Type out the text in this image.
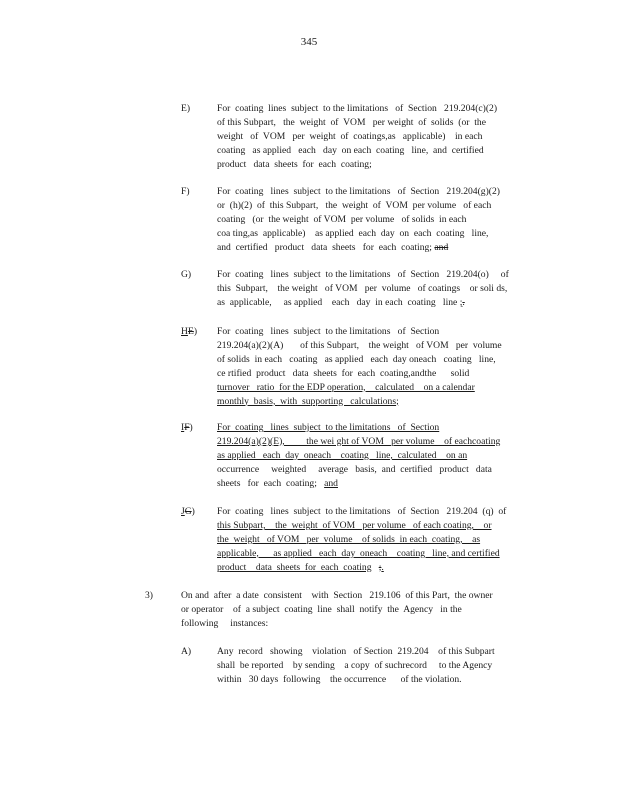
345
E)	For  coating  lines  subject  to the limitations   of  Section   219.204(c)(2)
of this Subpart,   the  weight  of  VOM   per weight  of  solids  (or  the
weight   of  VOM   per  weight  of  coatings,as   applicable)    in each
coating   as applied   each   day  on each  coating   line,  and  certified
product   data  sheets  for  each  coating;
F)	For  coating   lines  subject  to the limitations   of  Section   219.204(g)(2)
or  (h)(2)  of  this Subpart,   the  weight  of  VOM  per volume   of each
coating   (or  the weight  of VOM  per volume   of solids  in each
coa ting,as  applicable)    as applied  each  day  on  each  coating   line,
and  certified   product   data  sheets   for  each  coating; and
G)	For  coating   lines  subject  to the limitations   of  Section   219.204(o)     of
this  Subpart,    the weight   of VOM   per  volume   of coatings    or soli ds,
as  applicable,     as applied    each   day  in each  coating   line ;.
HE) For  coating   lines  subject  to the limitations   of  Section
219.204(a)(2)(A)       of this Subpart,    the weight   of VOM   per  volume
of solids  in each   coating   as applied   each  day oneach   coating   line,
ce rtified  product   data  sheets  for  each  coating,andthe      solid
turnover   ratio  for the EDP operation,    calculated    on a calendar
monthly  basis,  with  supporting   calculations;
IF)	For  coating   lines  subject  to the limitations   of  Section
219.204(a)(2)(E),         the wei ght of VOM   per volume    of eachcoating
as applied   each  day  oneach    coating   line,  calculated    on an
occurrence     weighted     average   basis,  and  certified   product   data
sheets   for  each  coating; and
JG) For  coating   lines  subject  to the limitations   of  Section   219.204  (q)  of
this Subpart,    the  weight  of VOM   per volume   of each coating,    or
the  weight   of VOM   per  volume    of solids  in each  coating,    as
applicable,      as applied   each  day  oneach    coating   line, and certified
product    data  sheets  for  each  coating ;.
3)	On and  after  a date  consistent    with  Section   219.106  of this Part,  the owner
or operator    of  a subject  coating  line  shall  notify  the  Agency   in the
following     instances:
A)	Any  record   showing    violation   of Section  219.204    of this Subpart
shall  be reported    by sending    a copy  of suchrecord     to the Agency
within   30 days  following    the occurrence      of the violation.
